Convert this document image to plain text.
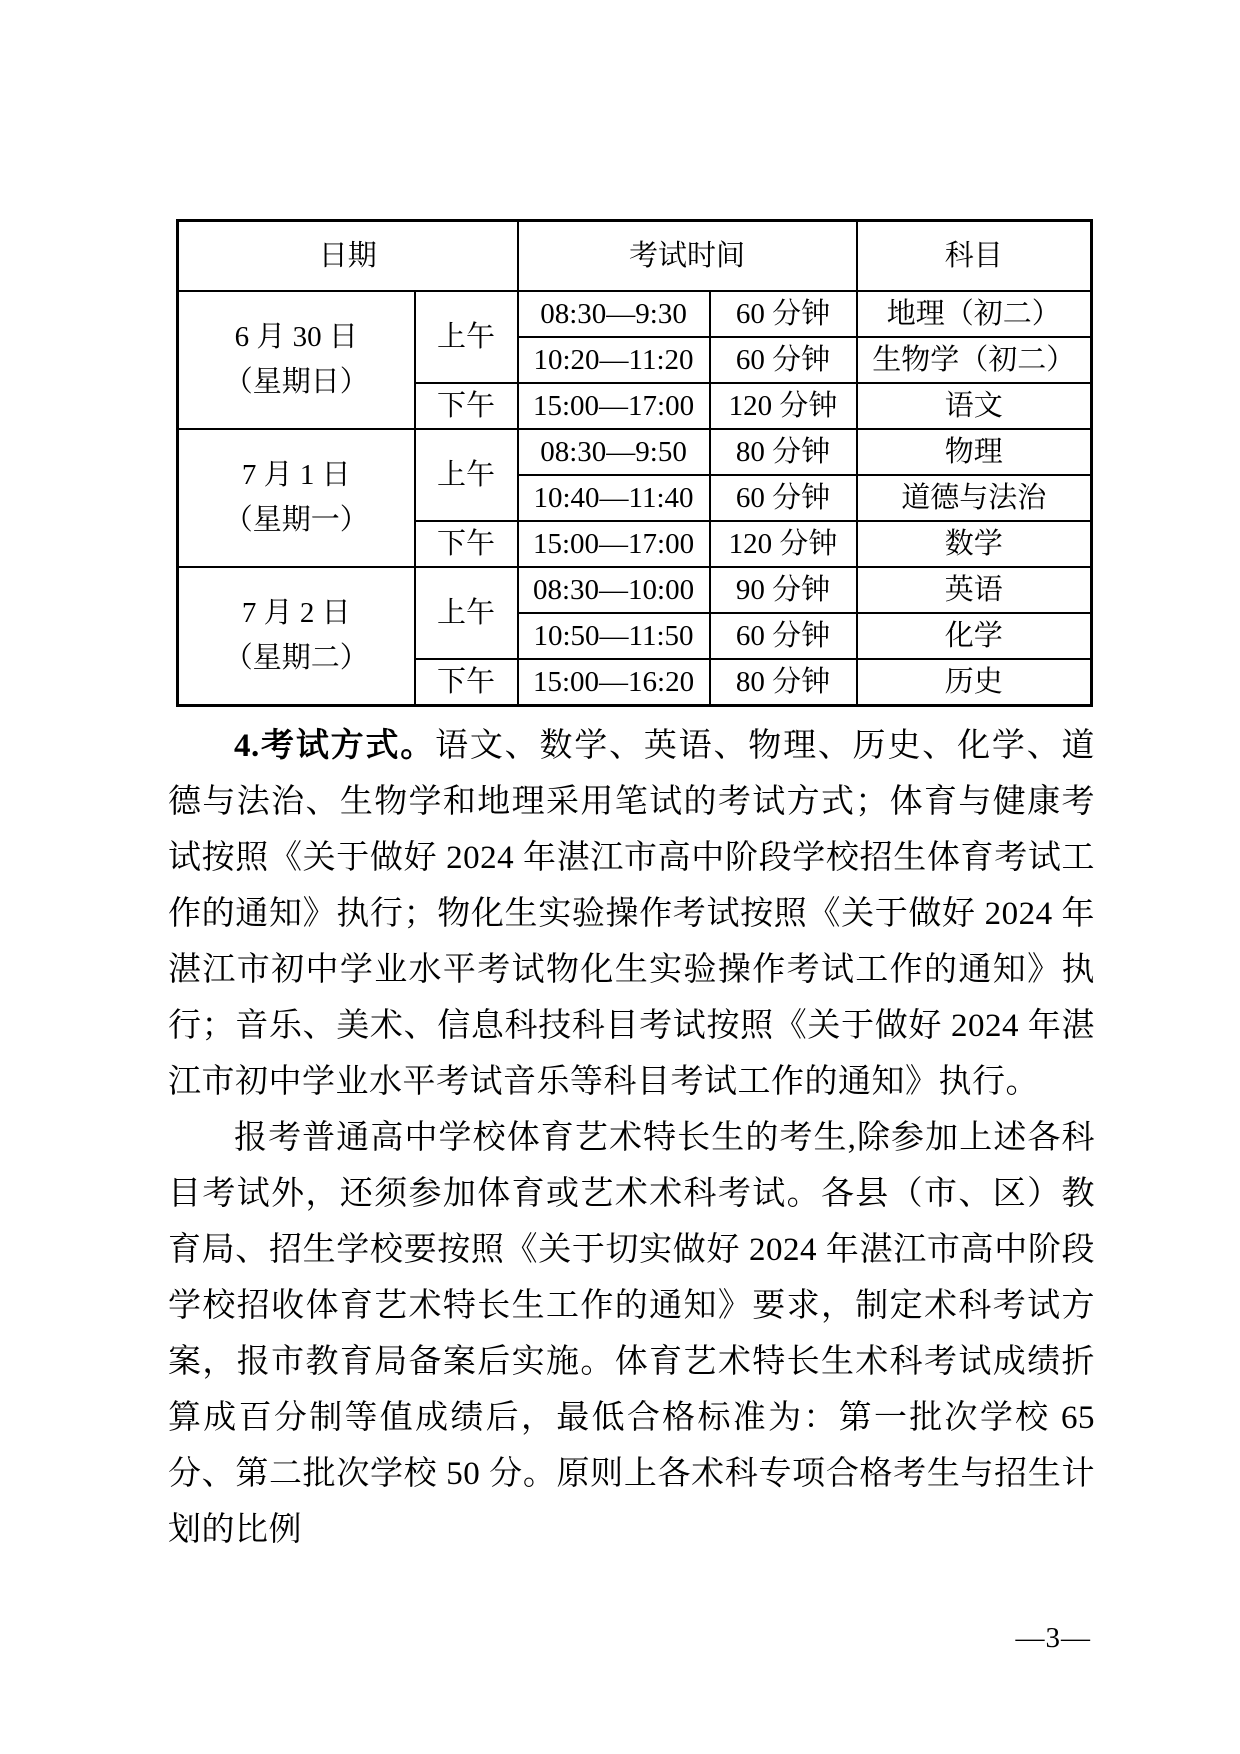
日期		考试时间		科目

6 月 30 日
（星期日）	上午	08:30—9:30	60 分钟	地理（初二）
		10:20—11:20	60 分钟	生物学（初二）
	下午	15:00—17:00	120 分钟	语文

7 月 1 日
（星期一）	上午	08:30—9:50	80 分钟	物理
		10:40—11:40	60 分钟	道德与法治
	下午	15:00—17:00	120 分钟	数学

7 月 2 日
（星期二）	上午	08:30—10:00	90 分钟	英语
		10:50—11:50	60 分钟	化学
	下午	15:00—16:20	80 分钟	历史

4.考试方式。语文、数学、英语、物理、历史、化学、道德与法治、生物学和地理采用笔试的考试方式；体育与健康考试按照《关于做好 2024 年湛江市高中阶段学校招生体育考试工作的通知》执行；物化生实验操作考试按照《关于做好 2024 年湛江市初中学业水平考试物化生实验操作考试工作的通知》执行；音乐、美术、信息科技科目考试按照《关于做好 2024 年湛江市初中学业水平考试音乐等科目考试工作的通知》执行。

报考普通高中学校体育艺术特长生的考生,除参加上述各科目考试外，还须参加体育或艺术术科考试。各县（市、区）教育局、招生学校要按照《关于切实做好 2024 年湛江市高中阶段学校招收体育艺术特长生工作的通知》要求，制定术科考试方案，报市教育局备案后实施。体育艺术特长生术科考试成绩折算成百分制等值成绩后，最低合格标准为：第一批次学校 65 分、第二批次学校 50 分。原则上各术科专项合格考生与招生计划的比例

—3—
